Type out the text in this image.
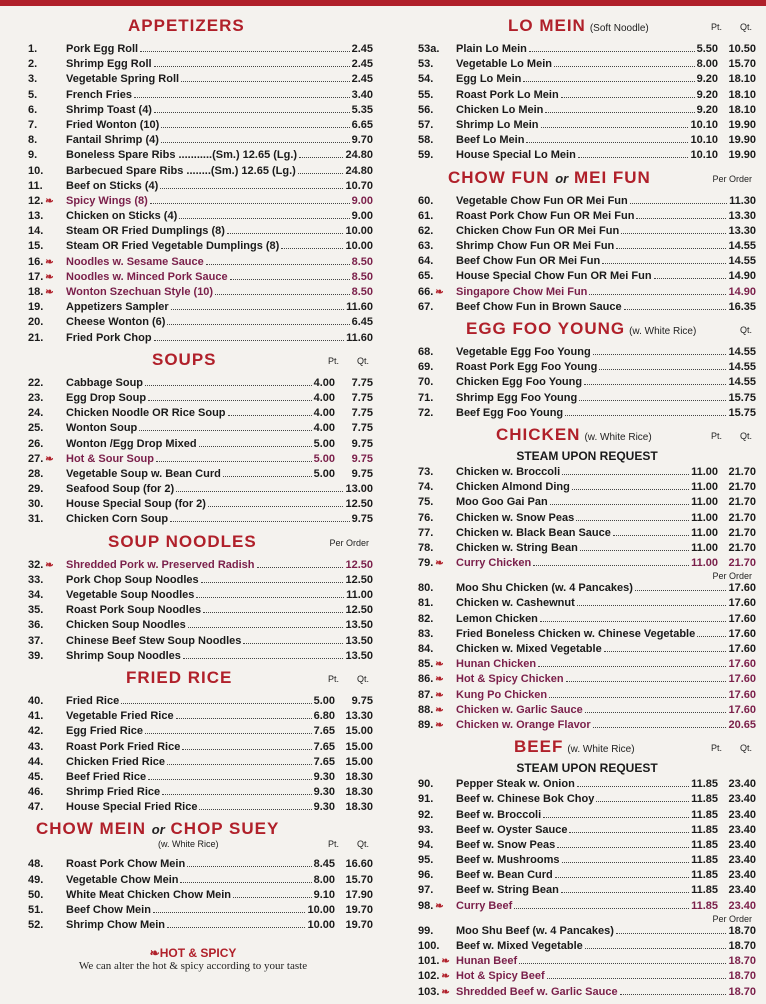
APPETIZERS
1.	Pork Egg Roll	2.45
2.	Shrimp Egg Roll	2.45
3.	Vegetable Spring Roll	2.45
5.	French Fries	3.40
6.	Shrimp Toast (4)	5.35
7.	Fried Wonton (10)	6.65
8.	Fantail Shrimp (4)	9.70
9.	Boneless Spare Ribs ...........(Sm.) 12.65 (Lg.)	24.80
10.	Barbecued Spare Ribs ........(Sm.) 12.65 (Lg.)	24.80
11.	Beef on Sticks (4)	10.70
12. ❧	Spicy Wings (8)	9.00
13.	Chicken on Sticks (4)	9.00
14.	Steam OR Fried Dumplings (8)	10.00
15.	Steam OR Fried Vegetable Dumplings (8)	10.00
16. ❧	Noodles w. Sesame Sauce	8.50
17. ❧	Noodles w. Minced Pork Sauce	8.50
18. ❧	Wonton Szechuan Style (10)	8.50
19.	Appetizers Sampler	11.60
20.	Cheese Wonton (6)	6.45
21.	Fried Pork Chop	11.60
SOUPS	Pt. Qt.
22.	Cabbage Soup	4.00 7.75
23.	Egg Drop Soup	4.00 7.75
24.	Chicken Noodle OR Rice Soup	4.00 7.75
25.	Wonton Soup	4.00 7.75
26.	Wonton /Egg Drop Mixed	5.00 9.75
27. ❧	Hot & Sour Soup	5.00 9.75
28.	Vegetable Soup w. Bean Curd	5.00 9.75
29.	Seafood Soup (for 2)	13.00
30.	House Special Soup (for 2)	12.50
31.	Chicken Corn Soup	9.75
SOUP NOODLES	Per Order
32. ❧	Shredded Pork w. Preserved Radish	12.50
33.	Pork Chop Soup Noodles	12.50
34.	Vegetable Soup Noodles	11.00
35.	Roast Pork Soup Noodles	12.50
36.	Chicken Soup Noodles	13.50
37.	Chinese Beef Stew Soup Noodles	13.50
39.	Shrimp Soup Noodles	13.50
FRIED RICE	Pt. Qt.
40.	Fried Rice	5.00 9.75
41.	Vegetable Fried Rice	6.80 13.30
42.	Egg Fried Rice	7.65 15.00
43.	Roast Pork Fried Rice	7.65 15.00
44.	Chicken Fried Rice	7.65 15.00
45.	Beef Fried Rice	9.30 18.30
46.	Shrimp Fried Rice	9.30 18.30
47.	House Special Fried Rice	9.30 18.30
CHOW MEIN or CHOP SUEY
(w. White Rice)	Pt. Qt.
48.	Roast Pork Chow Mein	8.45 16.60
49.	Vegetable Chow Mein	8.00 15.70
50.	White Meat Chicken Chow Mein	9.10 17.90
51.	Beef Chow Mein	10.00 19.70
52.	Shrimp Chow Mein	10.00 19.70
❧ HOT & SPICY
We can alter the hot & spicy according to your taste
LO MEIN (Soft Noodle)	Pt. Qt.
53a.	Plain Lo Mein	5.50 10.50
53.	Vegetable Lo Mein	8.00 15.70
54.	Egg Lo Mein	9.20 18.10
55.	Roast Pork Lo Mein	9.20 18.10
56.	Chicken Lo Mein	9.20 18.10
57.	Shrimp Lo Mein	10.10 19.90
58.	Beef Lo Mein	10.10 19.90
59.	House Special Lo Mein	10.10 19.90
CHOW FUN or MEI FUN	Per Order
60.	Vegetable Chow Fun OR Mei Fun	11.30
61.	Roast Pork Chow Fun OR Mei Fun	13.30
62.	Chicken Chow Fun OR Mei Fun	13.30
63.	Shrimp Chow Fun OR Mei Fun	14.55
64.	Beef Chow Fun OR Mei Fun	14.55
65.	House Special Chow Fun OR Mei Fun	14.90
66. ❧	Singapore Chow Mei Fun	14.90
67.	Beef Chow Fun in Brown Sauce	16.35
EGG FOO YOUNG (w. White Rice)	Qt.
68.	Vegetable Egg Foo Young	14.55
69.	Roast Pork Egg Foo Young	14.55
70.	Chicken Egg Foo Young	14.55
71.	Shrimp Egg Foo Young	15.75
72.	Beef Egg Foo Young	15.75
CHICKEN (w. White Rice)	Pt. Qt.
STEAM UPON REQUEST
73.	Chicken w. Broccoli	11.00 21.70
74.	Chicken Almond Ding	11.00 21.70
75.	Moo Goo Gai Pan	11.00 21.70
76.	Chicken w. Snow Peas	11.00 21.70
77.	Chicken w. Black Bean Sauce	11.00 21.70
78.	Chicken w. String Bean	11.00 21.70
79. ❧	Curry Chicken	11.00 21.70
Per Order
80.	Moo Shu Chicken (w. 4 Pancakes)	17.60
81.	Chicken w. Cashewnut	17.60
82.	Lemon Chicken	17.60
83.	Fried Boneless Chicken w. Chinese Vegetable	17.60
84.	Chicken w. Mixed Vegetable	17.60
85. ❧	Hunan Chicken	17.60
86. ❧	Hot & Spicy Chicken	17.60
87. ❧	Kung Po Chicken	17.60
88. ❧	Chicken w. Garlic Sauce	17.60
89. ❧	Chicken w. Orange Flavor	20.65
BEEF (w. White Rice)	Pt. Qt.
STEAM UPON REQUEST
90.	Pepper Steak w. Onion	11.85 23.40
91.	Beef w. Chinese Bok Choy	11.85 23.40
92.	Beef w. Broccoli	11.85 23.40
93.	Beef w. Oyster Sauce	11.85 23.40
94.	Beef w. Snow Peas	11.85 23.40
95.	Beef w. Mushrooms	11.85 23.40
96.	Beef w. Bean Curd	11.85 23.40
97.	Beef w. String Bean	11.85 23.40
98. ❧	Curry Beef	11.85 23.40
Per Order
99.	Moo Shu Beef (w. 4 Pancakes)	18.70
100.	Beef w. Mixed Vegetable	18.70
101. ❧	Hunan Beef	18.70
102. ❧	Hot & Spicy Beef	18.70
103. ❧	Shredded Beef w. Garlic Sauce	18.70
